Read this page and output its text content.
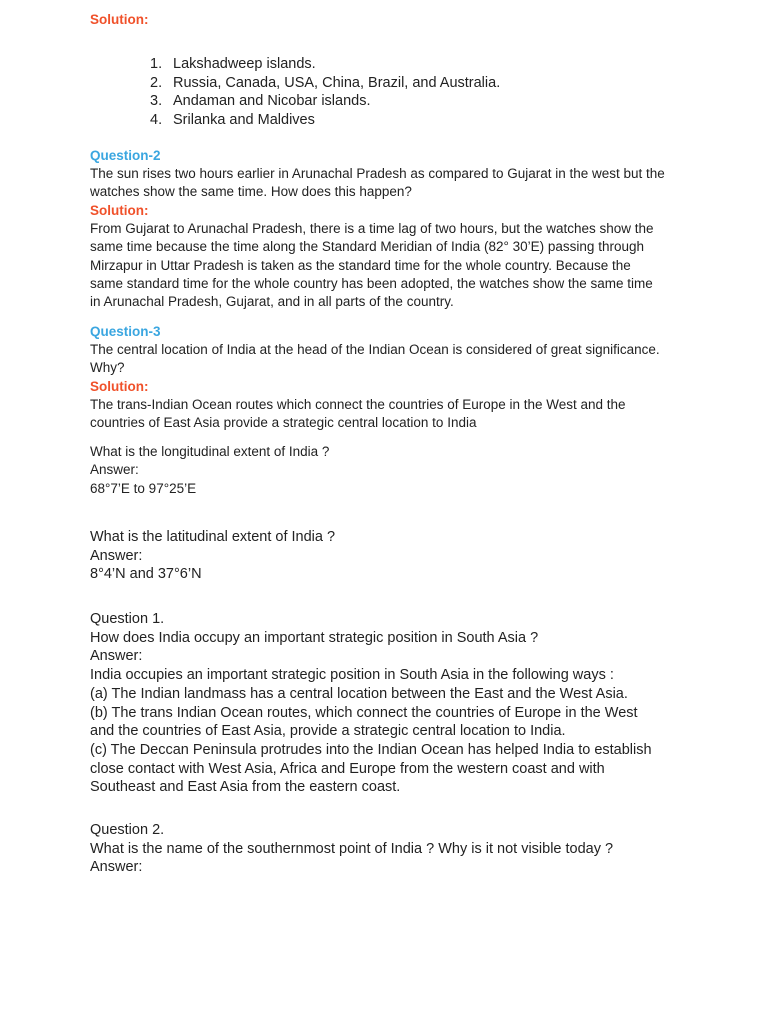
Solution:
1. Lakshadweep islands.
2. Russia, Canada, USA, China, Brazil, and Australia.
3. Andaman and Nicobar islands.
4. Srilanka and Maldives
Question-2
The sun rises two hours earlier in Arunachal Pradesh as compared to Gujarat in the west but the
watches show the same time. How does this happen?
Solution:
From Gujarat to Arunachal Pradesh, there is a time lag of two hours, but the watches show the
same time because the time along the Standard Meridian of India (82° 30’E) passing through
Mirzapur in Uttar Pradesh is taken as the standard time for the whole country. Because the
same standard time for the whole country has been adopted, the watches show the same time
in Arunachal Pradesh, Gujarat, and in all parts of the country.
Question-3
The central location of India at the head of the Indian Ocean is considered of great significance.
Why?
Solution:
The trans-Indian Ocean routes which connect the countries of Europe in the West and the
countries of East Asia provide a strategic central location to India
What is the longitudinal extent of India ?
Answer:
68°7’E to 97°25’E
What is the latitudinal extent of India ?
Answer:
8°4’N and 37°6’N
Question 1.
How does India occupy an important strategic position in South Asia ?
Answer:
India occupies an important strategic position in South Asia in the following ways :
(a) The Indian landmass has a central location between the East and the West Asia.
(b) The trans Indian Ocean routes, which connect the countries of Europe in the West
and the countries of East Asia, provide a strategic central location to India.
(c) The Deccan Peninsula protrudes into the Indian Ocean has helped India to establish
close contact with West Asia, Africa and Europe from the western coast and with
Southeast and East Asia from the eastern coast.
Question 2.
What is the name of the southernmost point of India ? Why is it not visible today ?
Answer:
